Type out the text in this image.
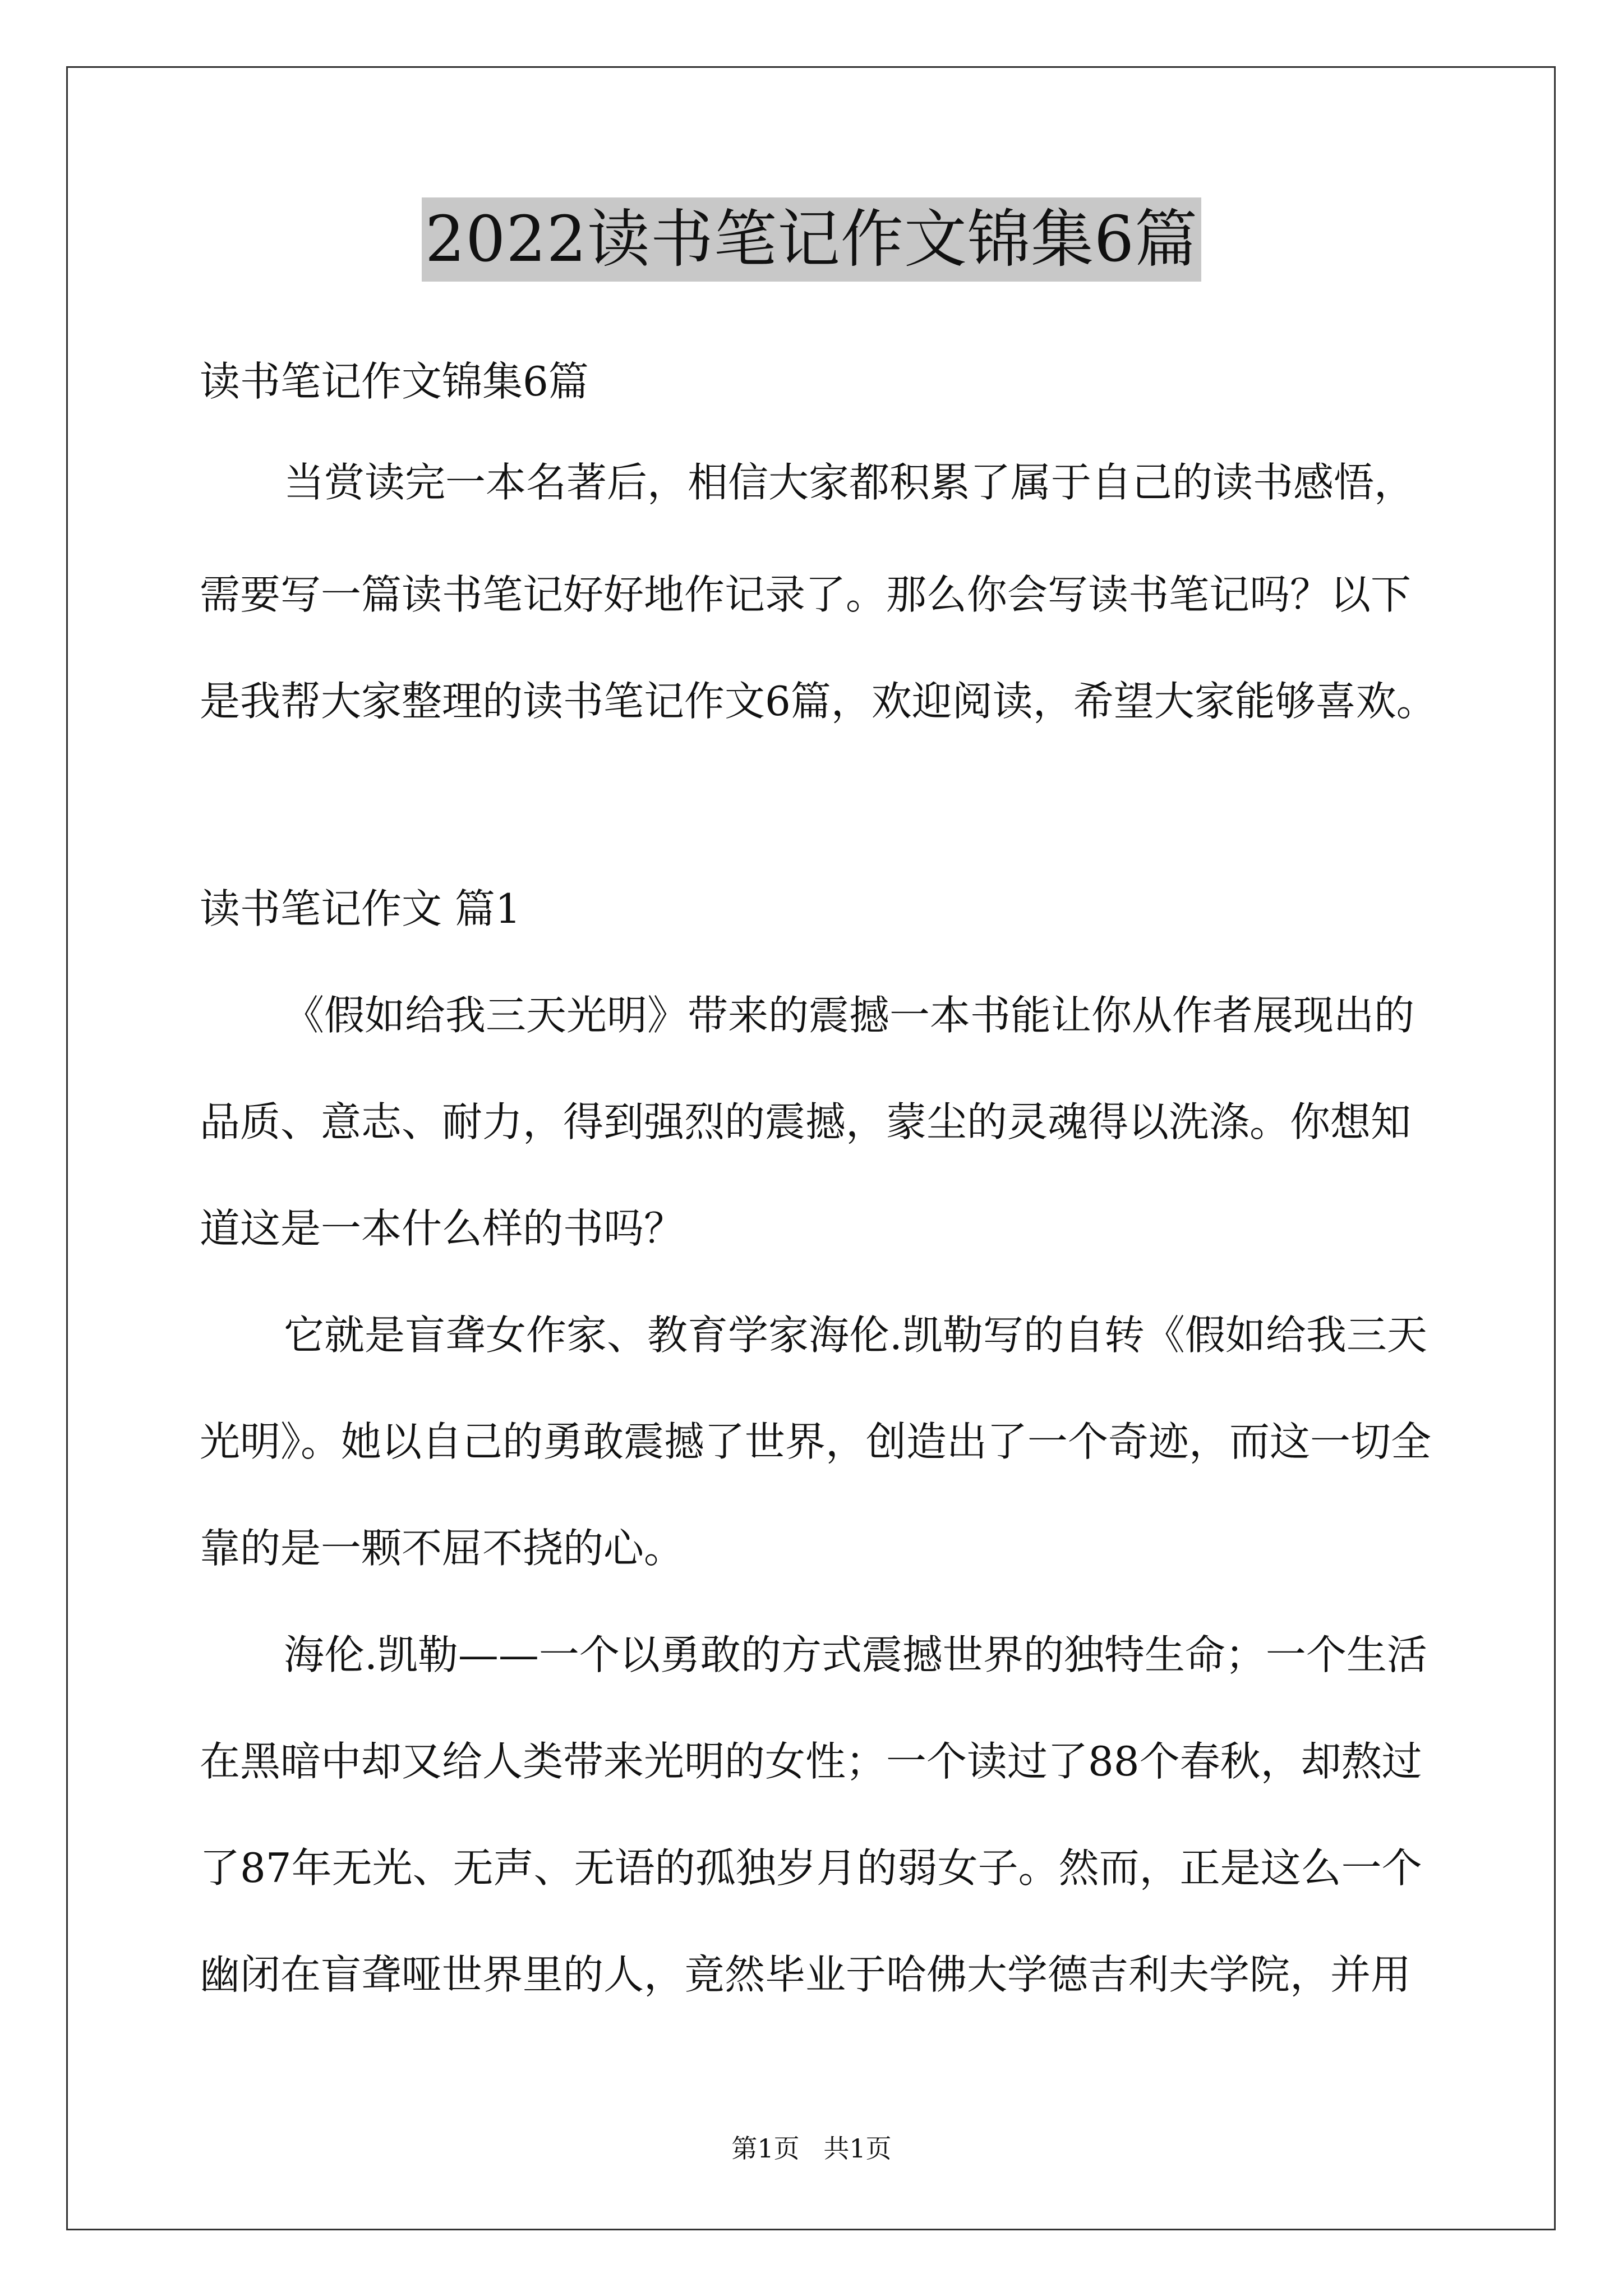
2022读书笔记作文锦集6篇
读书笔记作文锦集6篇
当赏读完一本名著后，相信大家都积累了属于自己的读书感悟，
需要写一篇读书笔记好好地作记录了。那么你会写读书笔记吗？以下
是我帮大家整理的读书笔记作文6篇，欢迎阅读，希望大家能够喜欢。
读书笔记作文 篇1
《假如给我三天光明》带来的震撼一本书能让你从作者展现出的
品质、意志、耐力，得到强烈的震撼，蒙尘的灵魂得以洗涤。你想知
道这是一本什么样的书吗？
它就是盲聋女作家、教育学家海伦.凯勒写的自转《假如给我三天
光明》。她以自己的勇敢震撼了世界，创造出了一个奇迹，而这一切全
靠的是一颗不屈不挠的心。
海伦.凯勒——一个以勇敢的方式震撼世界的独特生命；一个生活
在黑暗中却又给人类带来光明的女性；一个读过了88个春秋，却熬过
了87年无光、无声、无语的孤独岁月的弱女子。然而，正是这么一个
幽闭在盲聋哑世界里的人，竟然毕业于哈佛大学德吉利夫学院，并用
第1页 共1页
